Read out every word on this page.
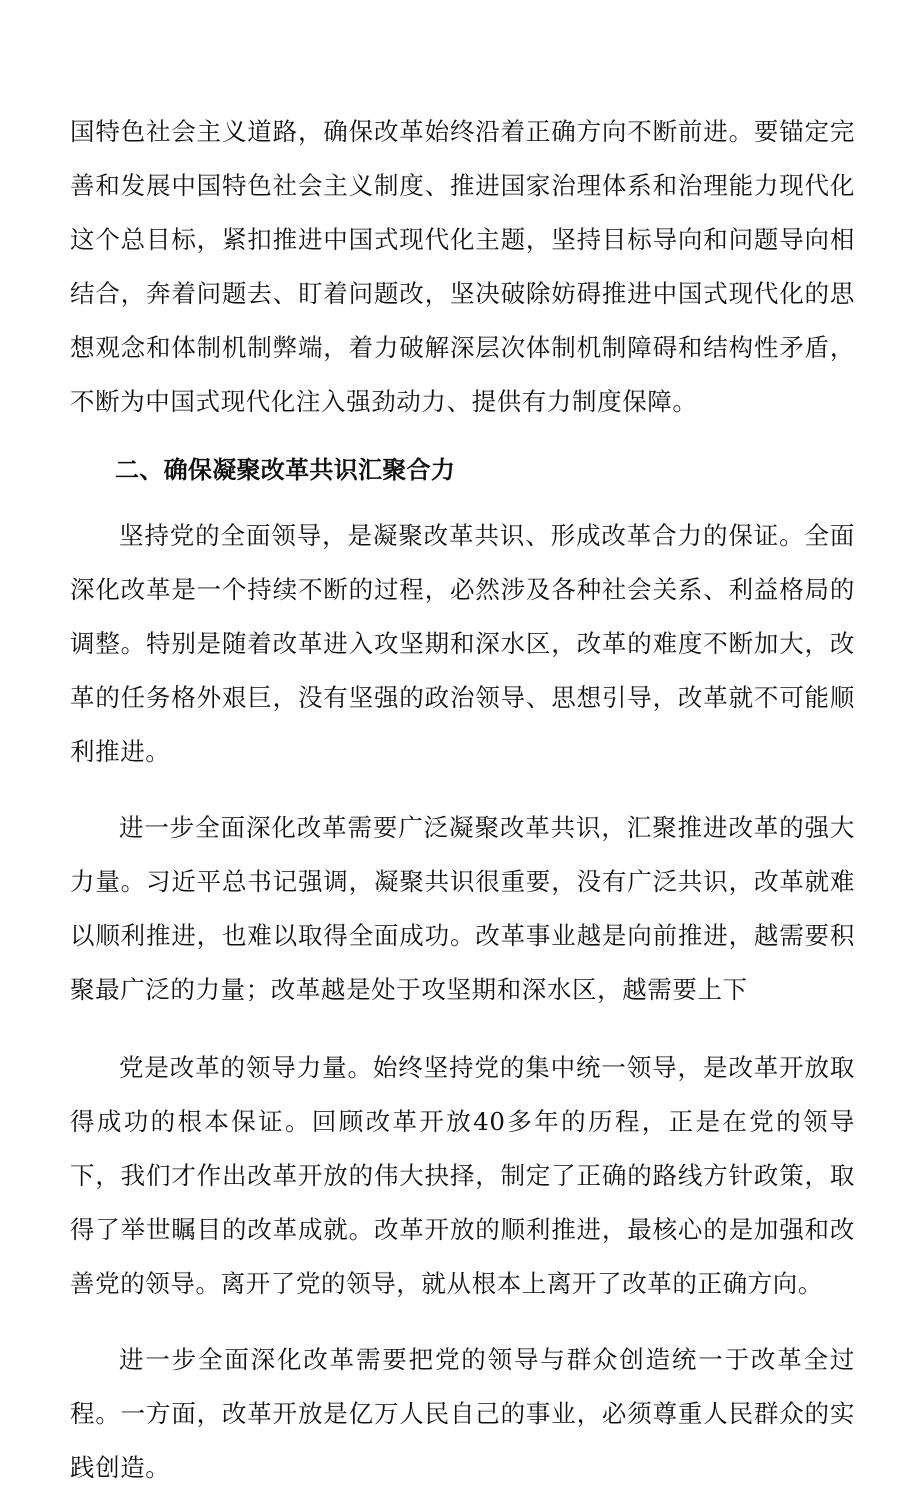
国特色社会主义道路，确保改革始终沿着正确方向不断前进。要锚定完善和发展中国特色社会主义制度、推进国家治理体系和治理能力现代化这个总目标，紧扣推进中国式现代化主题，坚持目标导向和问题导向相结合，奔着问题去、盯着问题改，坚决破除妨碍推进中国式现代化的思想观念和体制机制弊端，着力破解深层次体制机制障碍和结构性矛盾，不断为中国式现代化注入强劲动力、提供有力制度保障。

二、确保凝聚改革共识汇聚合力

坚持党的全面领导，是凝聚改革共识、形成改革合力的保证。全面深化改革是一个持续不断的过程，必然涉及各种社会关系、利益格局的调整。特别是随着改革进入攻坚期和深水区，改革的难度不断加大，改革的任务格外艰巨，没有坚强的政治领导、思想引导，改革就不可能顺利推进。

进一步全面深化改革需要广泛凝聚改革共识，汇聚推进改革的强大力量。习近平总书记强调，凝聚共识很重要，没有广泛共识，改革就难以顺利推进，也难以取得全面成功。改革事业越是向前推进，越需要积聚最广泛的力量；改革越是处于攻坚期和深水区，越需要上下

党是改革的领导力量。始终坚持党的集中统一领导，是改革开放取得成功的根本保证。回顾改革开放40多年的历程，正是在党的领导下，我们才作出改革开放的伟大抉择，制定了正确的路线方针政策，取得了举世瞩目的改革成就。改革开放的顺利推进，最核心的是加强和改善党的领导。离开了党的领导，就从根本上离开了改革的正确方向。

进一步全面深化改革需要把党的领导与群众创造统一于改革全过程。一方面，改革开放是亿万人民自己的事业，必须尊重人民群众的实践创造。
